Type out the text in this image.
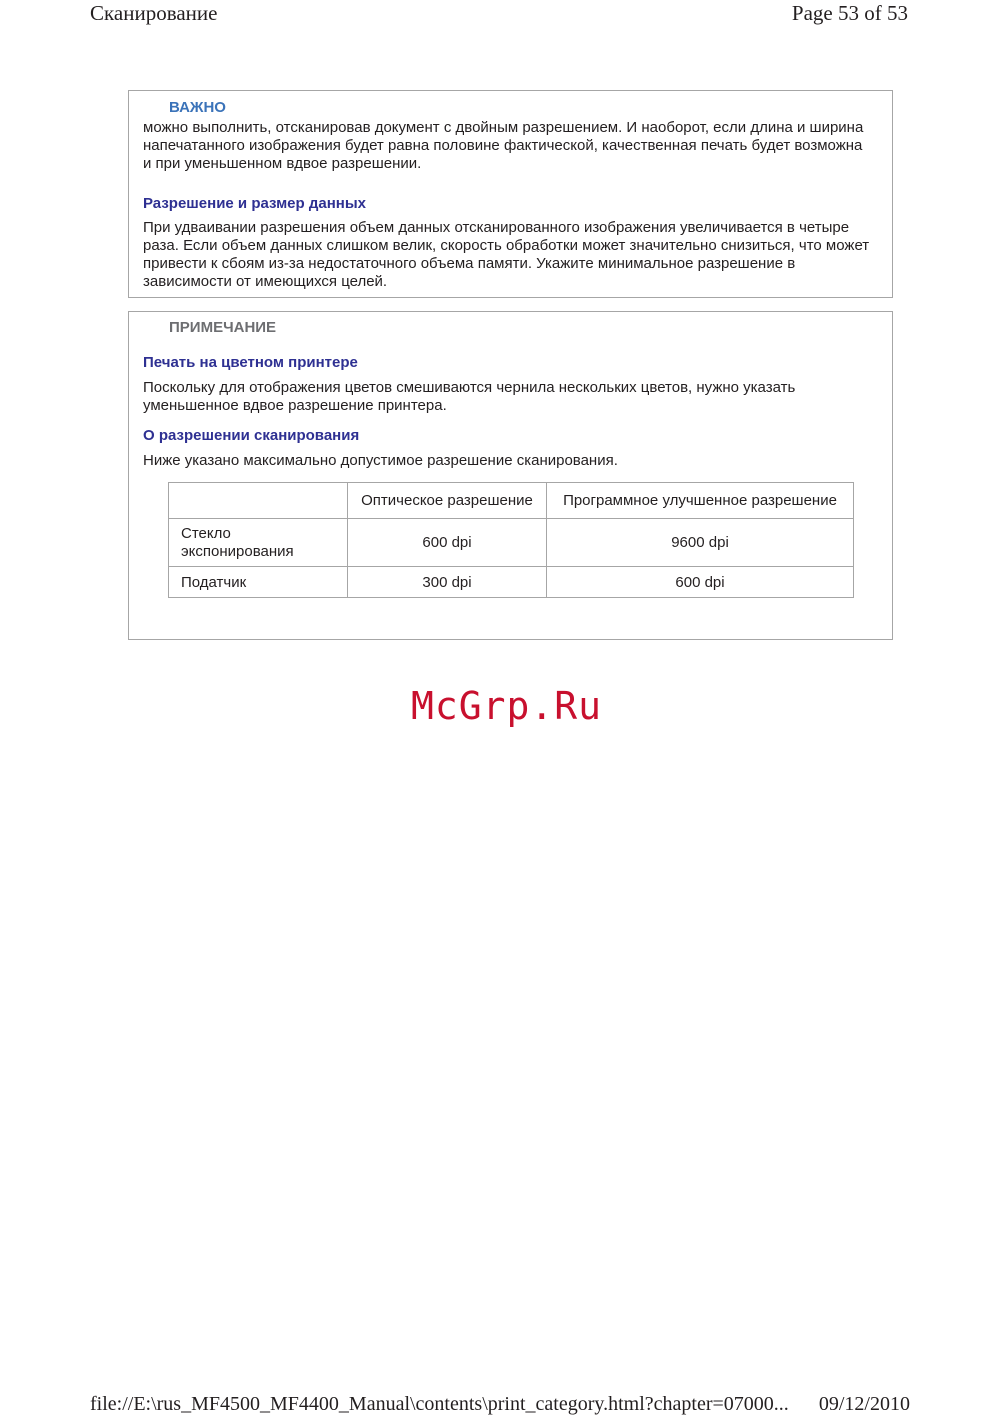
Сканирование	Page 53 of 53
ВАЖНО
можно выполнить, отсканировав документ с двойным разрешением. И наоборот, если длина и ширина напечатанного изображения будет равна половине фактической, качественная печать будет возможна и при уменьшенном вдвое разрешении.
Разрешение и размер данных
При удваивании разрешения объем данных отсканированного изображения увеличивается в четыре раза. Если объем данных слишком велик, скорость обработки может значительно снизиться, что может привести к сбоям из-за недостаточного объема памяти. Укажите минимальное разрешение в зависимости от имеющихся целей.
ПРИМЕЧАНИЕ
Печать на цветном принтере
Поскольку для отображения цветов смешиваются чернила нескольких цветов, нужно указать уменьшенное вдвое разрешение принтера.
О разрешении сканирования
Ниже указано максимально допустимое разрешение сканирования.
	Оптическое разрешение	Программное улучшенное разрешение
Стекло экспонирования	600 dpi	9600 dpi
Податчик	300 dpi	600 dpi
McGrp.Ru
file://E:\rus_MF4500_MF4400_Manual\contents\print_category.html?chapter=07000... 09/12/2010
